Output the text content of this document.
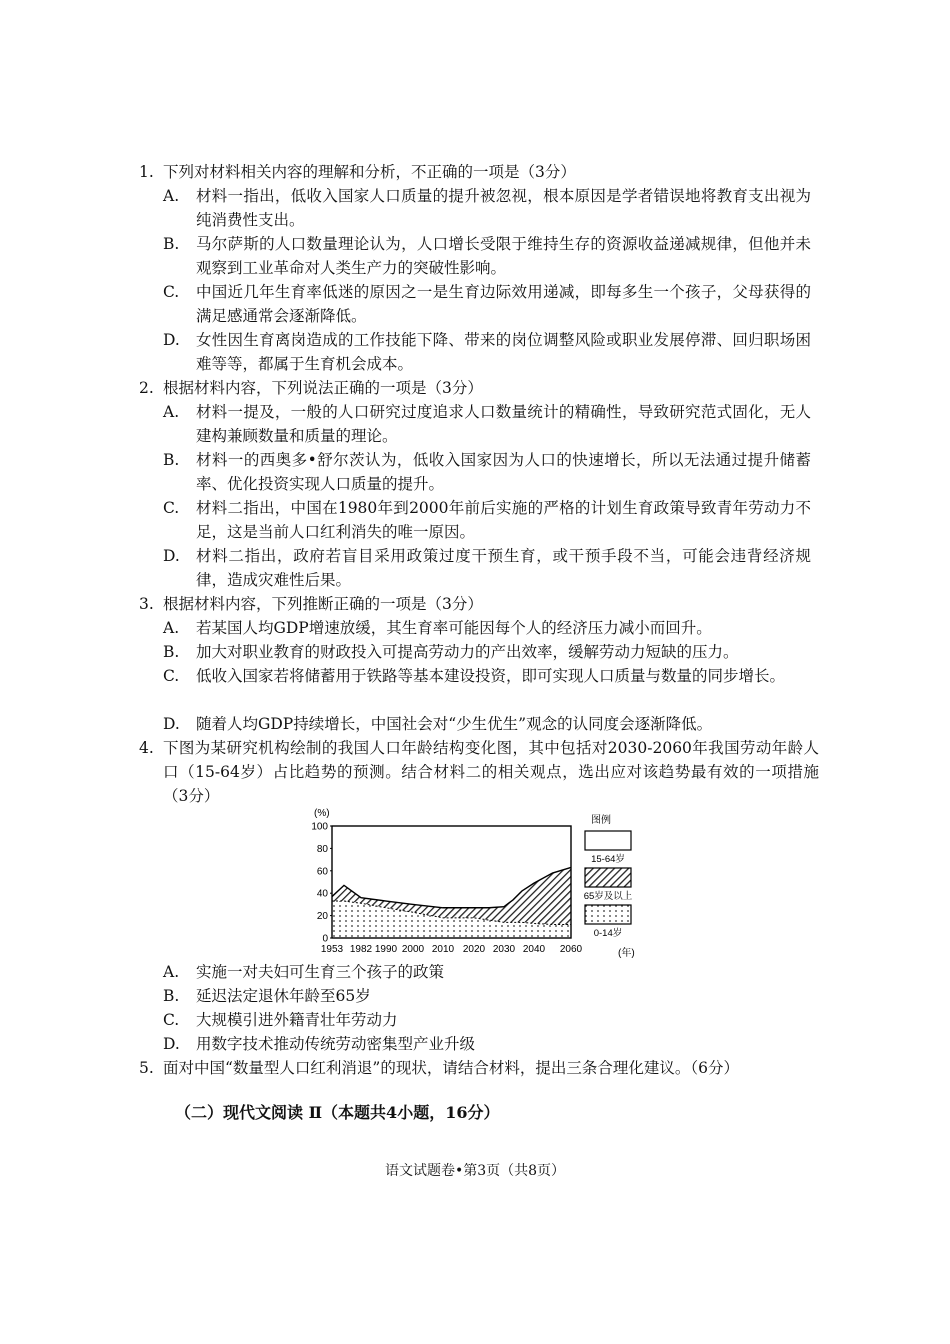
1. 下列对材料相关内容的理解和分析，不正确的一项是（3分）
A.	材料一指出，低收入国家人口质量的提升被忽视，根本原因是学者错误地将教育支出视为纯消费性支出。
B.	马尔萨斯的人口数量理论认为，人口增长受限于维持生存的资源收益递减规律，但他并未观察到工业革命对人类生产力的突破性影响。
C.	中国近几年生育率低迷的原因之一是生育边际效用递减，即每多生一个孩子，父母获得的满足感通常会逐渐降低。
D.	女性因生育离岗造成的工作技能下降、带来的岗位调整风险或职业发展停滞、回归职场困难等等，都属于生育机会成本。
2. 根据材料内容，下列说法正确的一项是（3分）
A.	材料一提及，一般的人口研究过度追求人口数量统计的精确性，导致研究范式固化，无人建构兼顾数量和质量的理论。
B.	材料一的西奥多•舒尔茨认为，低收入国家因为人口的快速增长，所以无法通过提升储蓄率、优化投资实现人口质量的提升。
C.	材料二指出，中国在1980年到2000年前后实施的严格的计划生育政策导致青年劳动力不足，这是当前人口红利消失的唯一原因。
D.	材料二指出，政府若盲目采用政策过度干预生育，或干预手段不当，可能会违背经济规律，造成灾难性后果。
3. 根据材料内容，下列推断正确的一项是（3分）
A.	若某国人均GDP增速放缓，其生育率可能因每个人的经济压力减小而回升。
B.	加大对职业教育的财政投入可提高劳动力的产出效率，缓解劳动力短缺的压力。
C.	低收入国家若将储蓄用于铁路等基本建设投资，即可实现人口质量与数量的同步增长。
D.	随着人均GDP持续增长，中国社会对“少生优生”观念的认同度会逐渐降低。
4. 下图为某研究机构绘制的我国人口年龄结构变化图，其中包括对2030-2060年我国劳动年龄人口（15-64岁）占比趋势的预测。结合材料二的相关观点，选出应对该趋势最有效的一项措施（3分）
(%)
(年)
0
20
40
60
80
100
1953 1982 1990 2000 2010 2020 2030 2040 2060
图例
15-64岁
65岁及以上
0-14岁
A.	实施一对夫妇可生育三个孩子的政策
B.	延迟法定退休年龄至65岁
C.	大规模引进外籍青壮年劳动力
D.	用数字技术推动传统劳动密集型产业升级
5. 面对中国“数量型人口红利消退”的现状，请结合材料，提出三条合理化建议。（6分）
（二）现代文阅读 Ⅱ（本题共4小题，16分）
语文试题卷•第3页（共8页）
